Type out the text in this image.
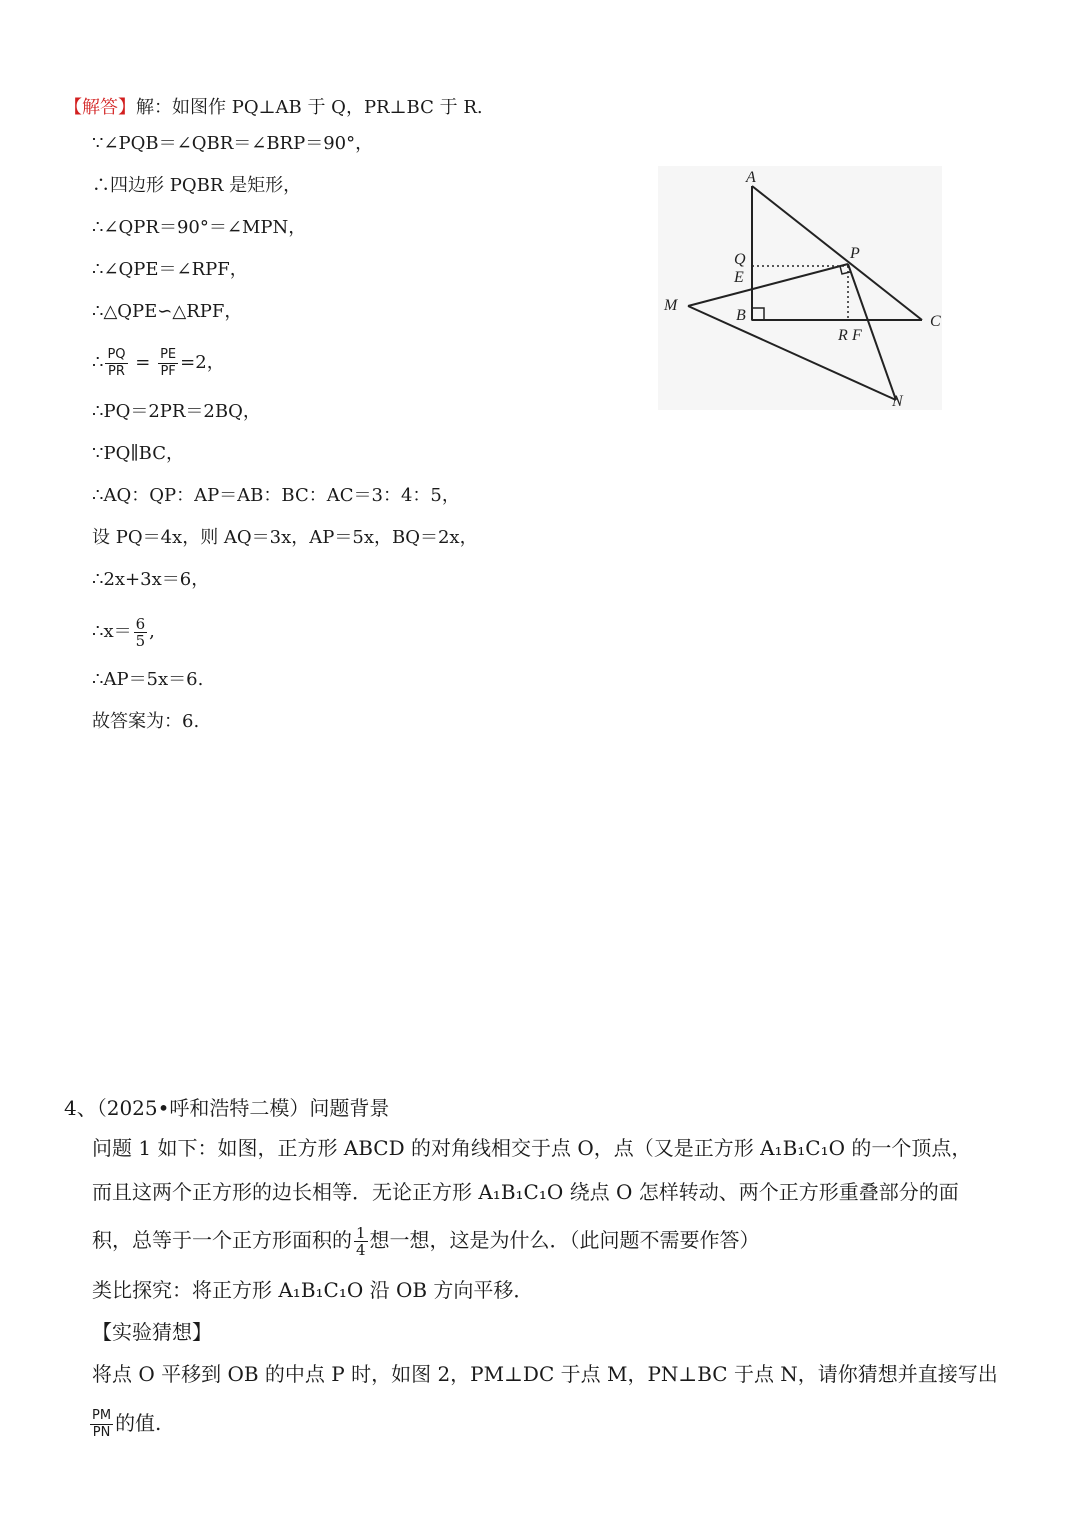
【解答】解：如图作 PQ⊥AB 于 Q，PR⊥BC 于 R.
∵∠PQB＝∠QBR＝∠BRP＝90°，
∴四边形 PQBR 是矩形，
∴∠QPR＝90°＝∠MPN，
∴∠QPE＝∠RPF，
∴△QPE∽△RPF，
∴ $\frac{PQ}{PR} = \frac{PE}{PF} =2$，
∴PQ＝2PR＝2BQ，
∵PQ∥BC，
∴AQ：QP：AP＝AB：BC：AC＝3：4：5，
设 PQ＝4x，则 AQ＝3x，AP＝5x，BQ＝2x，
∴2x+3x＝6，
∴x＝ $\frac{6}{5}$ ,
∴AP＝5x＝6.
故答案为：6.
A
P
Q
E
M
B	C
R F
N
4、（2025•呼和浩特二模）问题背景
问题 1 如下：如图，正方形 ABCD 的对角线相交于点 O，点（又是正方形 A₁B₁C₁O 的一个顶点，
而且这两个正方形的边长相等．无论正方形 A₁B₁C₁O 绕点 O 怎样转动、两个正方形重叠部分的面
积，总等于一个正方形面积的 $\frac{1}{4}$ 想一想，这是为什么．（此问题不需要作答）
类比探究：将正方形 A₁B₁C₁O 沿 OB 方向平移．
【实验猜想】
将点 O 平移到 OB 的中点 P 时，如图 2，PM⊥DC 于点 M，PN⊥BC 于点 N，请你猜想并直接写出
$\frac{PM}{PN}$ 的值.
